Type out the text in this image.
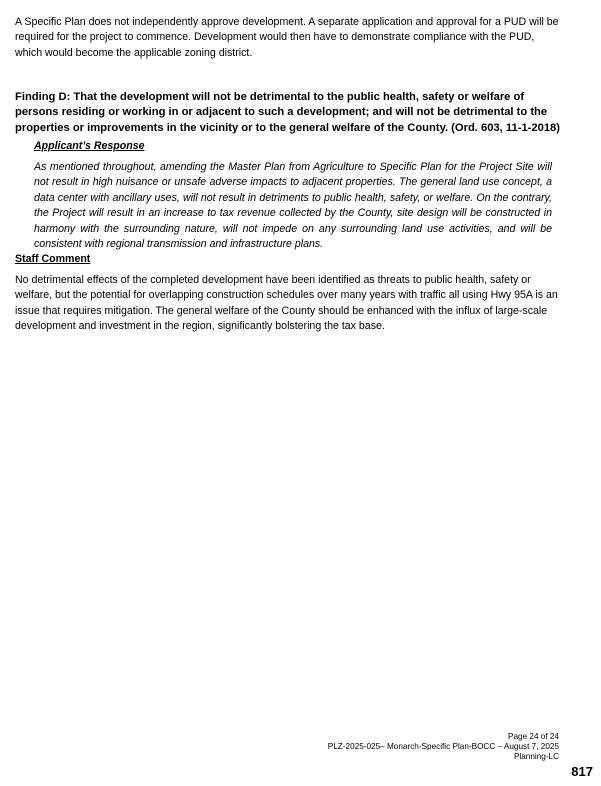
A Specific Plan does not independently approve development. A separate application and approval for a PUD will be required for the project to commence. Development would then have to demonstrate compliance with the PUD, which would become the applicable zoning district.

Finding D: That the development will not be detrimental to the public health, safety or welfare of persons residing or working in or adjacent to such a development; and will not be detrimental to the properties or improvements in the vicinity or to the general welfare of the County. (Ord. 603, 11-1-2018)

Applicant’s Response

As mentioned throughout, amending the Master Plan from Agriculture to Specific Plan for the Project Site will not result in high nuisance or unsafe adverse impacts to adjacent properties. The general land use concept, a data center with ancillary uses, will not result in detriments to public health, safety, or welfare. On the contrary, the Project will result in an increase to tax revenue collected by the County, site design will be constructed in harmony with the surrounding nature, will not impede on any surrounding land use activities, and will be consistent with regional transmission and infrastructure plans.

Staff Comment

No detrimental effects of the completed development have been identified as threats to public health, safety or welfare, but the potential for overlapping construction schedules over many years with traffic all using Hwy 95A is an issue that requires mitigation. The general welfare of the County should be enhanced with the influx of large-scale development and investment in the region, significantly bolstering the tax base.

Page 24 of 24
PLZ-2025-025– Monarch-Specific Plan-BOCC – August 7, 2025
Planning-LC
817
